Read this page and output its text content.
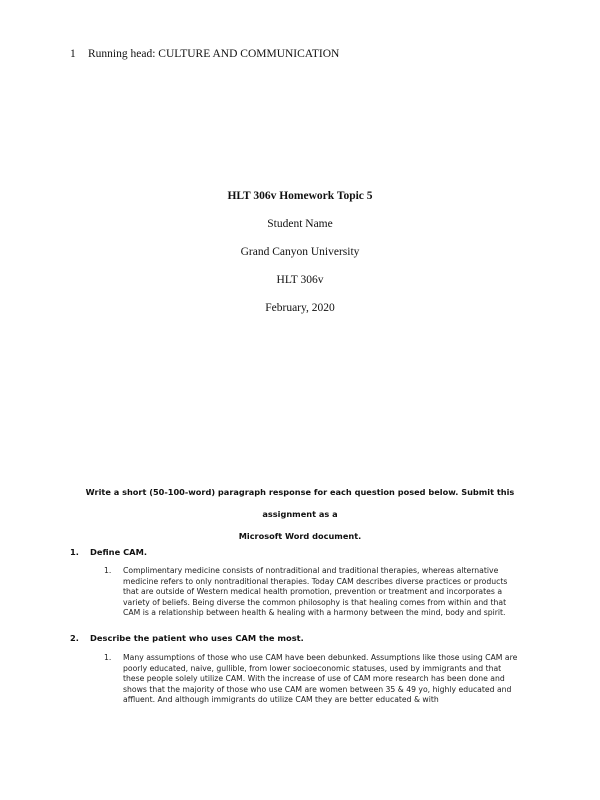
1 Running head: CULTURE AND COMMUNICATION
HLT 306v Homework Topic 5
Student Name
Grand Canyon University
HLT 306v
February, 2020
Write a short (50-100-word) paragraph response for each question posed below. Submit this assignment as a
Microsoft Word document.
1. Define CAM.
1. Complimentary medicine consists of nontraditional and traditional therapies, whereas alternative medicine refers to only nontraditional therapies. Today CAM describes diverse practices or products that are outside of Western medical health promotion, prevention or treatment and incorporates a variety of beliefs. Being diverse the common philosophy is that healing comes from within and that CAM is a relationship between health & healing with a harmony between the mind, body and spirit.
2. Describe the patient who uses CAM the most.
1. Many assumptions of those who use CAM have been debunked. Assumptions like those using CAM are poorly educated, naive, gullible, from lower socioeconomic statuses, used by immigrants and that these people solely utilize CAM. With the increase of use of CAM more research has been done and shows that the majority of those who use CAM are women between 35 & 49 yo, highly educated and affluent. And although immigrants do utilize CAM they are better educated & with
